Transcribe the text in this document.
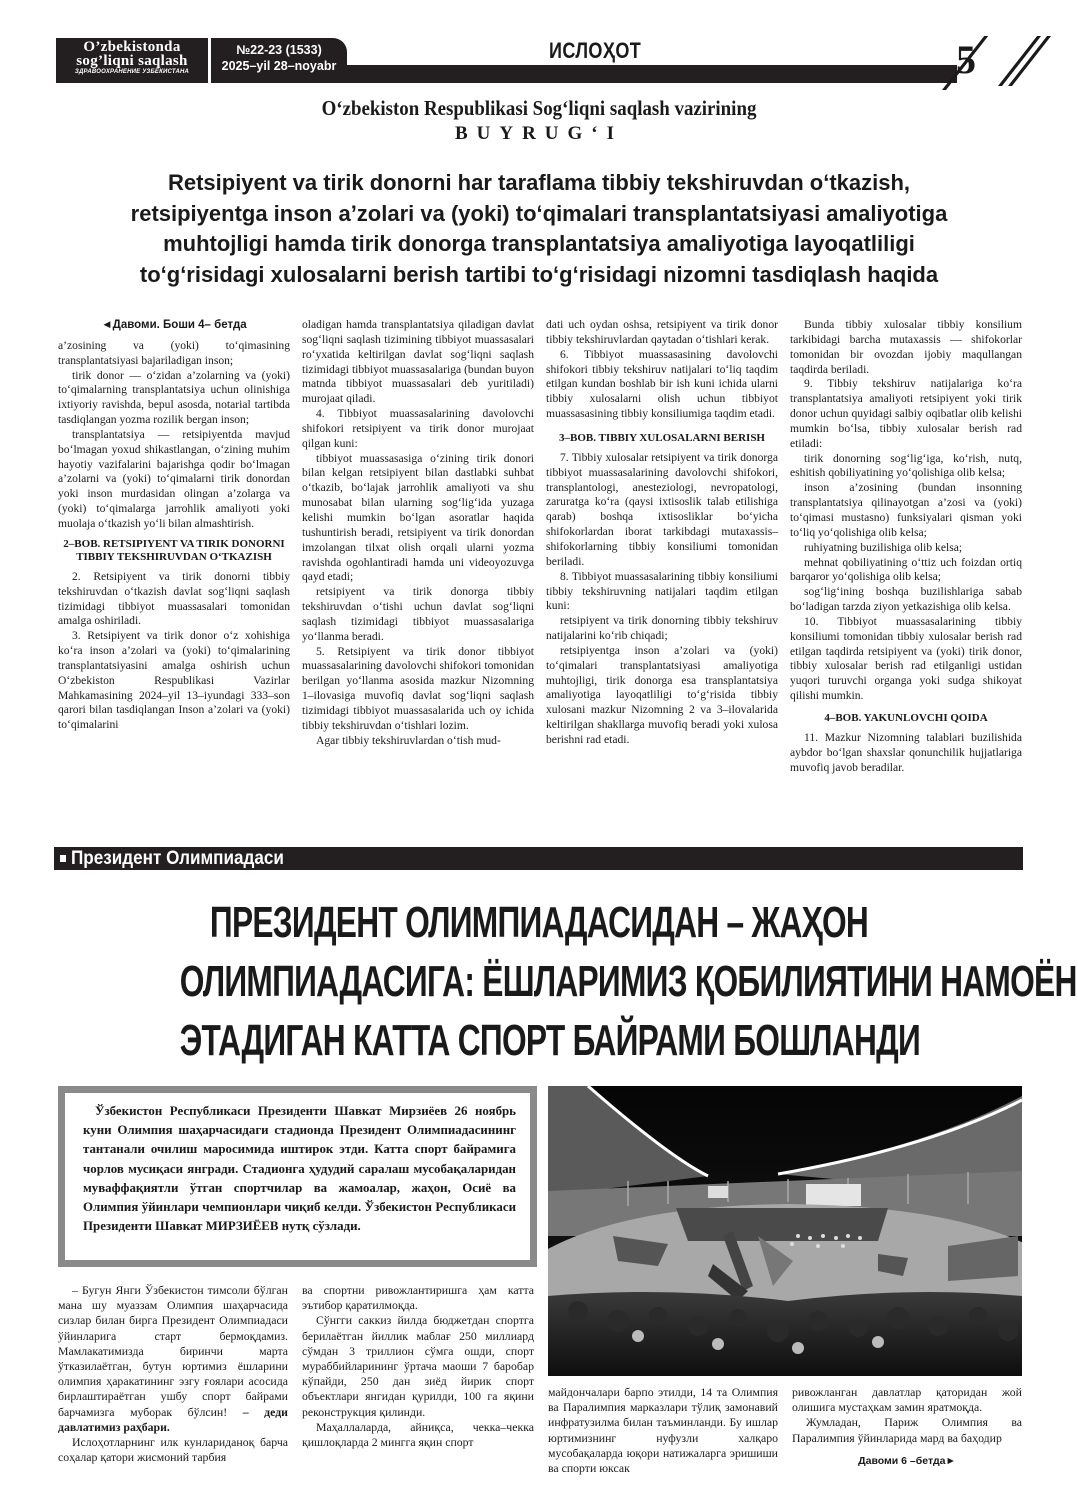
O’zbekistonda
sog’liqni saqlash
ЗДРАВООХРАНЕНИЕ УЗБЕКИСТАНА
№22-23 (1533)
2025–yil 28–noyabr
ИСЛОҲОТ	5
O‘zbekiston Respublikasi Sog‘liqni saqlash vazirining
BUYRUG‘I
Retsipiyent va tirik donorni har taraflama tibbiy tekshiruvdan o‘tkazish,
retsipiyentga inson a’zolari va (yoki) to‘qimalari transplantatsiyasi amaliyotiga
muhtojligi hamda tirik donorga transplantatsiya amaliyotiga layoqatliligi
to‘g‘risidagi xulosalarni berish tartibi to‘g‘risidagi nizomni tasdiqlash haqida

◄Давоми. Боши 4– бетда

a’zosining va (yoki) to‘qimasining transplantatsiyasi bajariladigan inson;

tirik donor — o‘zidan a’zolarning va (yoki) to‘qimalarning transplantatsiya uchun olinishiga ixtiyoriy ravishda, bepul asosda, notarial tartibda tasdiqlangan yozma rozilik bergan inson;

transplantatsiya — retsipiyentda mavjud bo‘lmagan yoxud shikastlangan, o‘zining muhim hayotiy vazifalarini bajarishga qodir bo‘lmagan a’zolarni va (yoki) to‘qimalarni tirik donordan yoki inson murdasidan olingan a’zolarga va (yoki) to‘qimalarga jarrohlik amaliyoti yoki muolaja o‘tkazish yo‘li bilan almashtirish.

2–BOB. RETSIPIYENT VA TIRIK DONORNI TIBBIY TEKSHIRUVDAN O‘TKAZISH

2. Retsipiyent va tirik donorni tibbiy tekshiruvdan o‘tkazish davlat sog‘liqni saqlash tizimidagi tibbiyot muassasalari tomonidan amalga oshiriladi.

3. Retsipiyent va tirik donor o‘z xohishiga ko‘ra inson a’zolari va (yoki) to‘qimalarining transplantatsiyasini amalga oshirish uchun O‘zbekiston Respublikasi Vazirlar Mahkamasining 2024–yil 13–iyundagi 333–son qarori bilan tasdiqlangan Inson a’zolari va (yoki) to‘qimalarini

oladigan hamda transplantatsiya qiladigan davlat sog‘liqni saqlash tizimining tibbiyot muassasalari ro‘yxatida keltirilgan davlat sog‘liqni saqlash tizimidagi tibbiyot muassasalariga (bundan buyon matnda tibbiyot muassasalari deb yuritiladi) murojaat qiladi.

4. Tibbiyot muassasalarining davolovchi shifokori retsipiyent va tirik donor murojaat qilgan kuni:

tibbiyot muassasasiga o‘zining tirik donori bilan kelgan retsipiyent bilan dastlabki suhbat o‘tkazib, bo‘lajak jarrohlik amaliyoti va shu munosabat bilan ularning sog‘lig‘ida yuzaga kelishi mumkin bo‘lgan asoratlar haqida tushuntirish beradi, retsipiyent va tirik donordan imzolangan tilxat olish orqali ularni yozma ravishda ogohlantiradi hamda uni videoyozuvga qayd etadi;

retsipiyent va tirik donorga tibbiy tekshiruvdan o‘tishi uchun davlat sog‘liqni saqlash tizimidagi tibbiyot muassasalariga yo‘llanma beradi.

5. Retsipiyent va tirik donor tibbiyot muassasalarining davolovchi shifokori tomonidan berilgan yo‘llanma asosida mazkur Nizomning 1–ilovasiga muvofiq davlat sog‘liqni saqlash tizimidagi tibbiyot muassasalarida uch oy ichida tibbiy tekshiruvdan o‘tishlari lozim.

Agar tibbiy tekshiruvlardan o‘tish mud-

dati uch oydan oshsa, retsipiyent va tirik donor tibbiy tekshiruvlardan qaytadan o‘tishlari kerak.

6. Tibbiyot muassasasining davolovchi shifokori tibbiy tekshiruv natijalari to‘liq taqdim etilgan kundan boshlab bir ish kuni ichida ularni tibbiy xulosalarni olish uchun tibbiyot muassasasining tibbiy konsiliumiga taqdim etadi.

3–BOB. TIBBIY XULOSALARNI BERISH

7. Tibbiy xulosalar retsipiyent va tirik donorga tibbiyot muassasalarining davolovchi shifokori, transplantologi, anesteziologi, nevropatologi, zaruratga ko‘ra (qaysi ixtisoslik talab etilishiga qarab) boshqa ixtisosliklar bo‘yicha shifokorlardan iborat tarkibdagi mutaxassis–shifokorlarning tibbiy konsiliumi tomonidan beriladi.

8. Tibbiyot muassasalarining tibbiy konsiliumi tibbiy tekshiruvning natijalari taqdim etilgan kuni:

retsipiyent va tirik donorning tibbiy tekshiruv natijalarini ko‘rib chiqadi;

retsipiyentga inson a’zolari va (yoki) to‘qimalari transplantatsiyasi amaliyotiga muhtojligi, tirik donorga esa transplantatsiya amaliyotiga layoqatliligi to‘g‘risida tibbiy xulosani mazkur Nizomning 2 va 3–ilovalarida keltirilgan shakllarga muvofiq beradi yoki xulosa berishni rad etadi.

Bunda tibbiy xulosalar tibbiy konsilium tarkibidagi barcha mutaxassis — shifokorlar tomonidan bir ovozdan ijobiy maqullangan taqdirda beriladi.

9. Tibbiy tekshiruv natijalariga ko‘ra transplantatsiya amaliyoti retsipiyent yoki tirik donor uchun quyidagi salbiy oqibatlar olib kelishi mumkin bo‘lsa, tibbiy xulosalar berish rad etiladi:

tirik donorning sog‘lig‘iga, ko‘rish, nutq, eshitish qobiliyatining yo‘qolishiga olib kelsa;

inson a’zosining (bundan insonning transplantatsiya qilinayotgan a’zosi va (yoki) to‘qimasi mustasno) funksiyalari qisman yoki to‘liq yo‘qolishiga olib kelsa;

ruhiyatning buzilishiga olib kelsa;

mehnat qobiliyatining o‘ttiz uch foizdan ortiq barqaror yo‘qolishiga olib kelsa;

sog‘lig‘ining boshqa buzilishlariga sabab bo‘ladigan tarzda ziyon yetkazishiga olib kelsa.

10. Tibbiyot muassasalarining tibbiy konsiliumi tomonidan tibbiy xulosalar berish rad etilgan taqdirda retsipiyent va (yoki) tirik donor, tibbiy xulosalar berish rad etilganligi ustidan yuqori turuvchi organga yoki sudga shikoyat qilishi mumkin.

4–BOB. YAKUNLOVCHI QOIDA

11. Mazkur Nizomning talablari buzilishida aybdor bo‘lgan shaxslar qonunchilik hujjatlariga muvofiq javob beradilar.

Президент Олимпиадаси
ПРЕЗИДЕНТ ОЛИМПИАДАСИДАН – ЖАҲОН
ОЛИМПИАДАСИГА: ЁШЛАРИМИЗ ҚОБИЛИЯТИНИ НАМОЁН
ЭТАДИГАН КАТТА СПОРТ БАЙРАМИ БОШЛАНДИ

Ўзбекистон Республикаси Президенти Шавкат Мирзиёев 26 ноябрь куни Олимпия шаҳарчасидаги стадионда Президент Олимпиадасининг тантанали очилиш маросимида иштирок этди. Катта спорт байрамига чорлов мусиқаси янгради. Стадионга ҳудудий саралаш мусобақаларидан муваффақиятли ўтган спортчилар ва жамоалар, жаҳон, Осиё ва Олимпия ўйинлари чемпионлари чиқиб келди. Ўзбекистон Республикаси Президенти Шавкат МИРЗИЁЕВ нутқ сўзлади.

– Бугун Янги Ўзбекистон тимсоли бўлган мана шу муаззам Олимпия шаҳарчасида сизлар билан бирга Президент Олимпиадаси ўйинларига старт бермоқдамиз. Мамлакатимизда биринчи марта ўтказилаётган, бутун юртимиз ёшларини олимпия ҳаракатининг эзгу ғоялари асосида бирлаштираётган ушбу спорт байрами барчамизга муборак бўлсин! – деди давлатимиз раҳбари.

Ислоҳотларнинг илк кунлариданоқ барча соҳалар қатори жисмоний тарбия

ва спортни ривожлантиришга ҳам катта эътибор қаратилмоқда.

Сўнгги саккиз йилда бюджетдан спортга берилаётган йиллик маблағ 250 миллиард сўмдан 3 триллион сўмга ошди, спорт мураббийларининг ўртача маоши 7 баробар кўпайди, 250 дан зиёд йирик спорт объектлари янгидан қурилди, 100 га яқини реконструкция қилинди.

Маҳаллаларда, айниқса, чекка–чекка қишлоқларда 2 мингга яқин спорт

майдончалари барпо этилди, 14 та Олимпия ва Паралимпия марказлари тўлиқ замонавий инфратузилма билан таъминланди. Бу ишлар юртимизнинг нуфузли халқаро мусобақаларда юқори натижаларга эришиши ва спорти юксак

ривожланган давлатлар қаторидан жой олишига мустаҳкам замин яратмоқда.

Жумладан, Париж Олимпия ва Паралимпия ўйинларида мард ва баҳодир

Давоми 6 –бетда►
